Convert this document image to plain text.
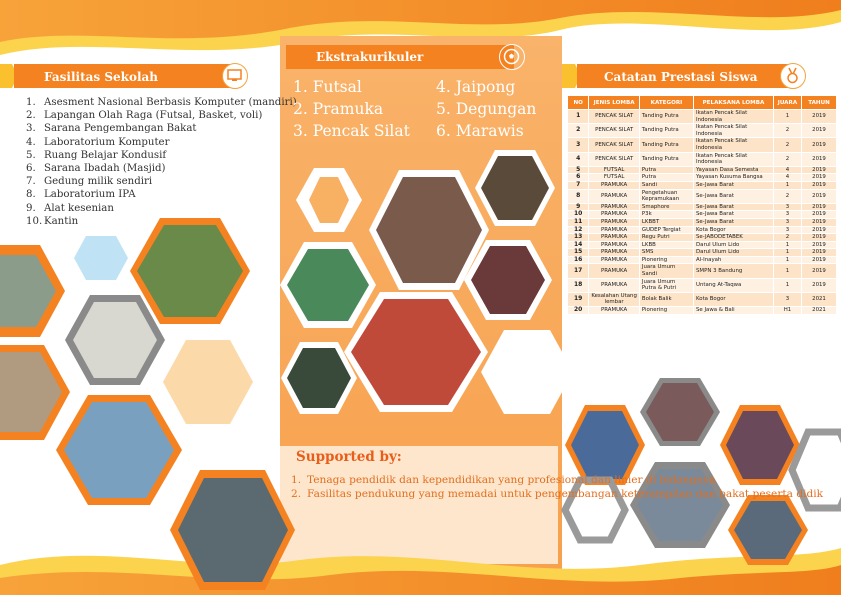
Fasilitas Sekolah
Ekstrakurikuler
Catatan Prestasi Siswa
1. Asesment Nasional Berbasis Komputer (mandiri)
2. Lapangan Olah Raga (Futsal, Basket, voli)
3. Sarana Pengembangan Bakat
4. Laboratorium Komputer
5. Ruang Belajar Kondusif
6. Sarana Ibadah (Masjid)
7. Gedung milik sendiri
8. Laboratorium IPA
9. Alat kesenian
10. Kantin
1. Futsal
2. Pramuka
3. Pencak Silat
4. Jaipong
5. Degungan
6. Marawis
Supported by:
1. Tenaga pendidik dan kependidikan yang profesional dan linier di bidangnya
2. Fasilitas pendukung yang memadai untuk pengembangan keterampilan dan bakat peserta didik
NO	JENIS LOMBA	KATEGORI	PELAKSANA LOMBA	JUARA	TAHUN
1	PENCAK SILAT	Tanding Putra	Ikatan Pencak Silat Indonesia	1	2019
2	PENCAK SILAT	Tanding Putra	Ikatan Pencak Silat Indonesia	2	2019
3	PENCAK SILAT	Tanding Putra	Ikatan Pencak Silat Indonesia	2	2019
4	PENCAK SILAT	Tanding Putra	Ikatan Pencak Silat Indonesia	2	2019
5	FUTSAL	Putra	Yayasan Dasa Semesta	4	2019
6	FUTSAL	Putra	Yayasan Kusuma Bangsa	4	2019
7	PRAMUKA	Sandi	Se-Jawa Barat	1	2019
8	PRAMUKA	Pengetahuan Kepramukaan	Se-Jawa Barat	2	2019
9	PRAMUKA	Smaphore	Se-Jawa Barat	3	2019
10	PRAMUKA	P3k	Se-Jawa Barat	3	2019
11	PRAMUKA	LKBBT	Se-Jawa Barat	3	2019
12	PRAMUKA	GUDEP Tergiat	Kota Bogor	3	2019
13	PRAMUKA	Regu Putri	Se-JABODETABEK	2	2019
14	PRAMUKA	LKBB	Darul Ulum Lido	1	2019
15	PRAMUKA	SMS	Darul Ulum Lido	1	2019
16	PRAMUKA	Pionering	Al-Inayah	1	2019
17	PRAMUKA	Juara Umum Sandi	SMPN 3 Bandung	1	2019
18	PRAMUKA	Juara Umum Putra & Putri	Untang At-Taqwa	1	2019
19	Kesalahan Utang lembar	Bolak Balik	Kota Bogor	3	2021
20	PRAMUKA	Pionering	Se Jawa & Bali	H1	2021
